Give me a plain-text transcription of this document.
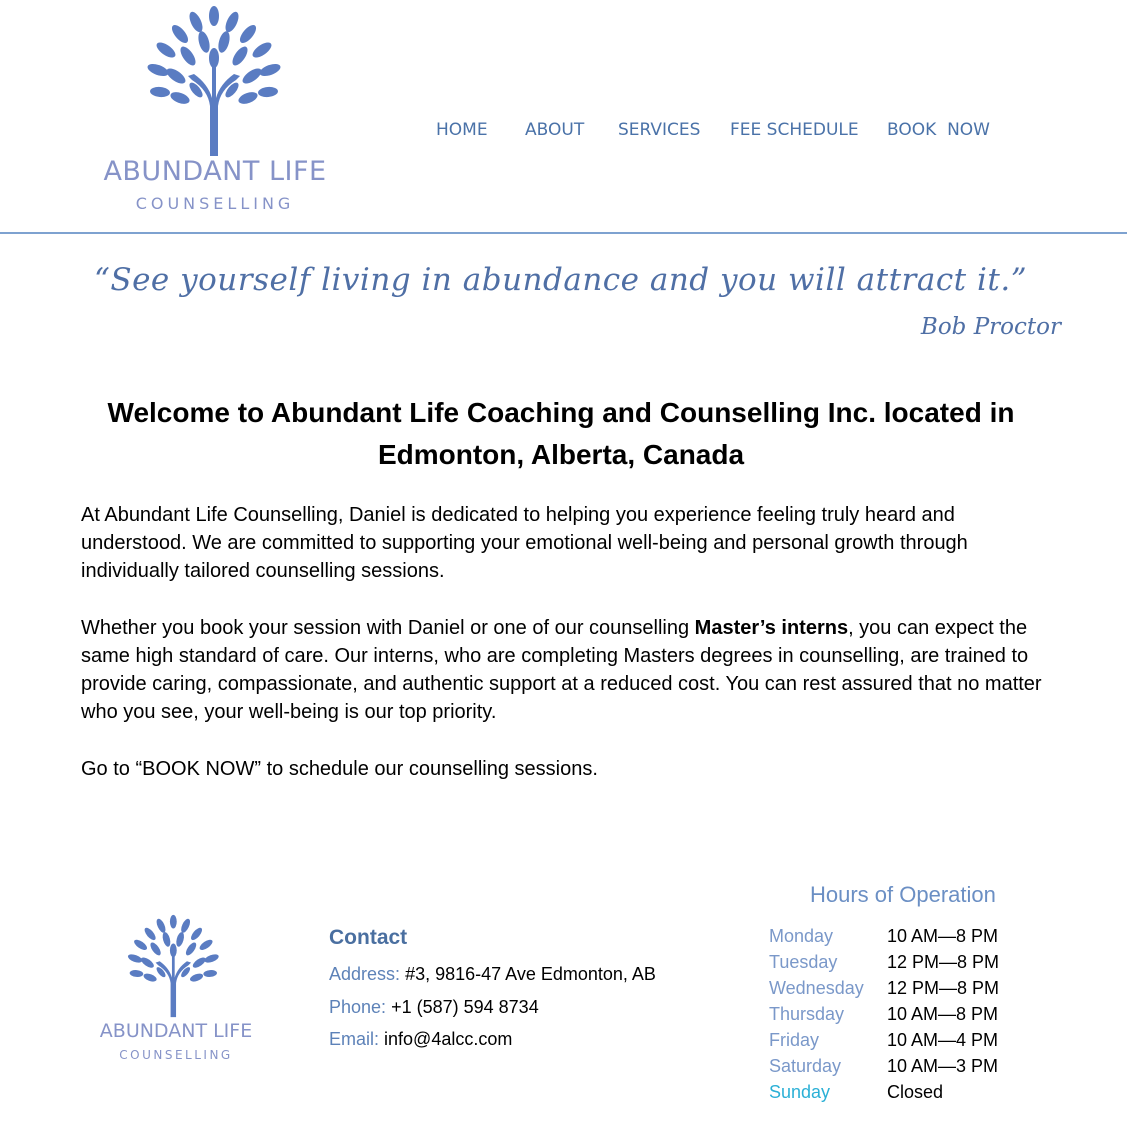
ABUNDANT LIFE
COUNSELLING
HOME ABOUT SERVICES FEE SCHEDULE BOOK  NOW
“See yourself living in abundance and you will attract it.”
Bob Proctor
Welcome to Abundant Life Coaching and Counselling Inc. located in Edmonton, Alberta, Canada

At Abundant Life Counselling, Daniel is dedicated to helping you experience feeling truly heard and understood. We are committed to supporting your emotional well-being and personal growth through individually tailored counselling sessions.

Whether you book your session with Daniel or one of our counselling Master’s interns, you can expect the same high standard of care. Our interns, who are completing Masters degrees in counselling, are trained to provide caring, compassionate, and authentic support at a reduced cost. You can rest assured that no matter who you see, your well-being is our top priority.

Go to “BOOK NOW” to schedule our counselling sessions.

ABUNDANT LIFE
COUNSELLING
Contact
Address: #3, 9816-47 Ave Edmonton, AB
Phone: +1 (587) 594 8734
Email: info@4alcc.com
Hours of Operation
Monday	10 AM—8 PM
Tuesday	12 PM—8 PM
Wednesday 12 PM—8 PM
Thursday 10 AM—8 PM
Friday	10 AM—4 PM
Saturday	10 AM—3 PM
Sunday	Closed
